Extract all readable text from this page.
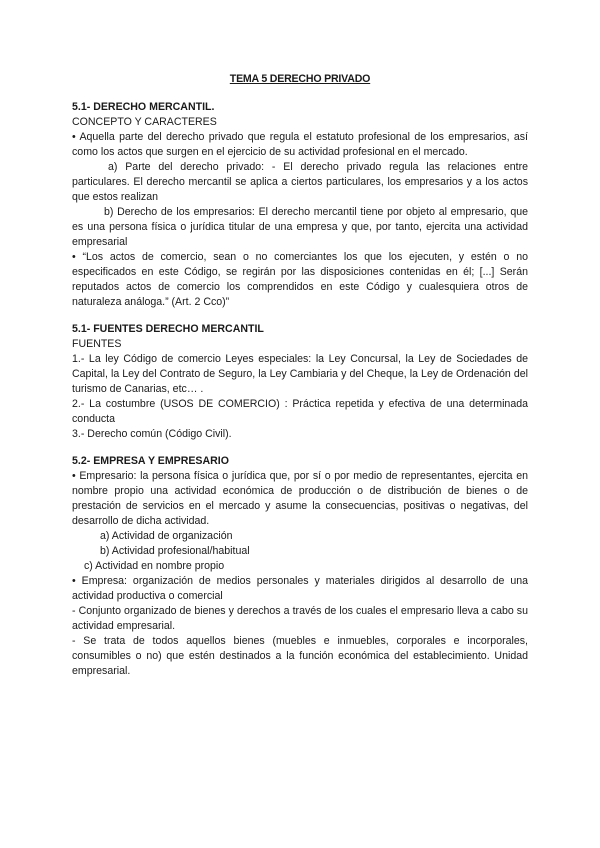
TEMA 5 DERECHO PRIVADO
5.1- DERECHO MERCANTIL.
CONCEPTO Y CARACTERES

• Aquella parte del derecho privado que regula el estatuto profesional de los empresarios, así como los actos que surgen en el ejercicio de su actividad profesional en el mercado.

a) Parte del derecho privado: - El derecho privado regula las relaciones entre particulares. El derecho mercantil se aplica a ciertos particulares, los empresarios y a los actos que estos realizan

b) Derecho de los empresarios: El derecho mercantil tiene por objeto al empresario, que es una persona física o jurídica titular de una empresa y que, por tanto, ejercita una actividad empresarial

• “Los actos de comercio, sean o no comerciantes los que los ejecuten, y estén o no especificados en este Código, se regirán por las disposiciones contenidas en él; [...] Serán reputados actos de comercio los comprendidos en este Código y cualesquiera otros de naturaleza análoga.” (Art. 2 Cco)”

5.1- FUENTES DERECHO MERCANTIL
FUENTES

1.- La ley Código de comercio Leyes especiales: la Ley Concursal, la Ley de Sociedades de Capital, la Ley del Contrato de Seguro, la Ley Cambiaria y del Cheque, la Ley de Ordenación del turismo de Canarias, etc… .

2.- La costumbre (USOS DE COMERCIO) : Práctica repetida y efectiva de una determinada conducta

3.- Derecho común (Código Civil).

5.2- EMPRESA Y EMPRESARIO

• Empresario: la persona física o jurídica que, por sí o por medio de representantes, ejercita en nombre propio una actividad económica de producción o de distribución de bienes o de prestación de servicios en el mercado y asume la consecuencias, positivas o negativas, del desarrollo de dicha actividad.

a) Actividad de organización
b) Actividad profesional/habitual
c) Actividad en nombre propio

• Empresa: organización de medios personales y materiales dirigidos al desarrollo de una actividad productiva o comercial

- Conjunto organizado de bienes y derechos a través de los cuales el empresario lleva a cabo su actividad empresarial.

- Se trata de todos aquellos bienes (muebles e inmuebles, corporales e incorporales, consumibles o no) que estén destinados a la función económica del establecimiento. Unidad empresarial.
